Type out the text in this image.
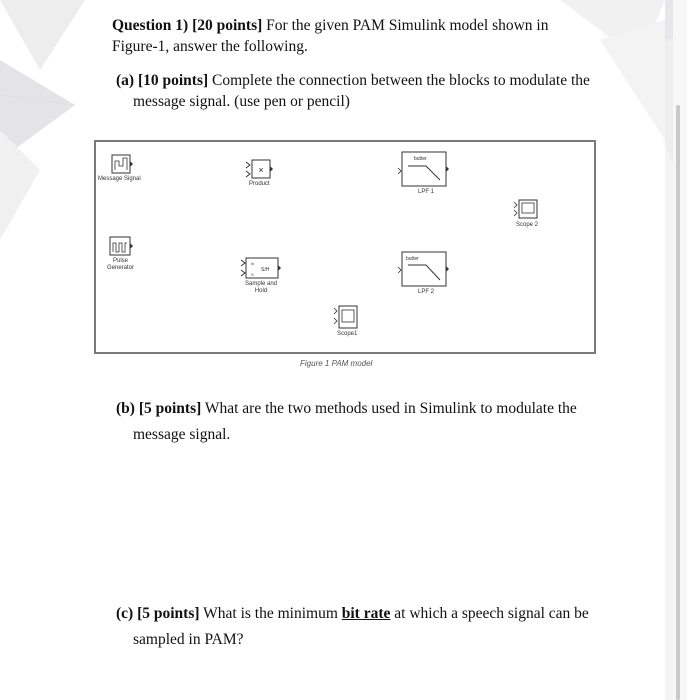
Question 1) [20 points] For the given PAM Simulink model shown in
Figure-1, answer the following.
(a) [10 points] Complete the connection between the blocks to modulate the
message signal. (use pen or pencil)
×
butter
In
S
S/H
butter
Message Signal
Product
LPF 1
Scope 2
Pulse
Generator
Sample and
Hold	LPF 2
Scope1
Figure 1 PAM model
(b) [5 points] What are the two methods used in Simulink to modulate the
message signal.
(c) [5 points] What is the minimum bit rate at which a speech signal can be
sampled in PAM?
